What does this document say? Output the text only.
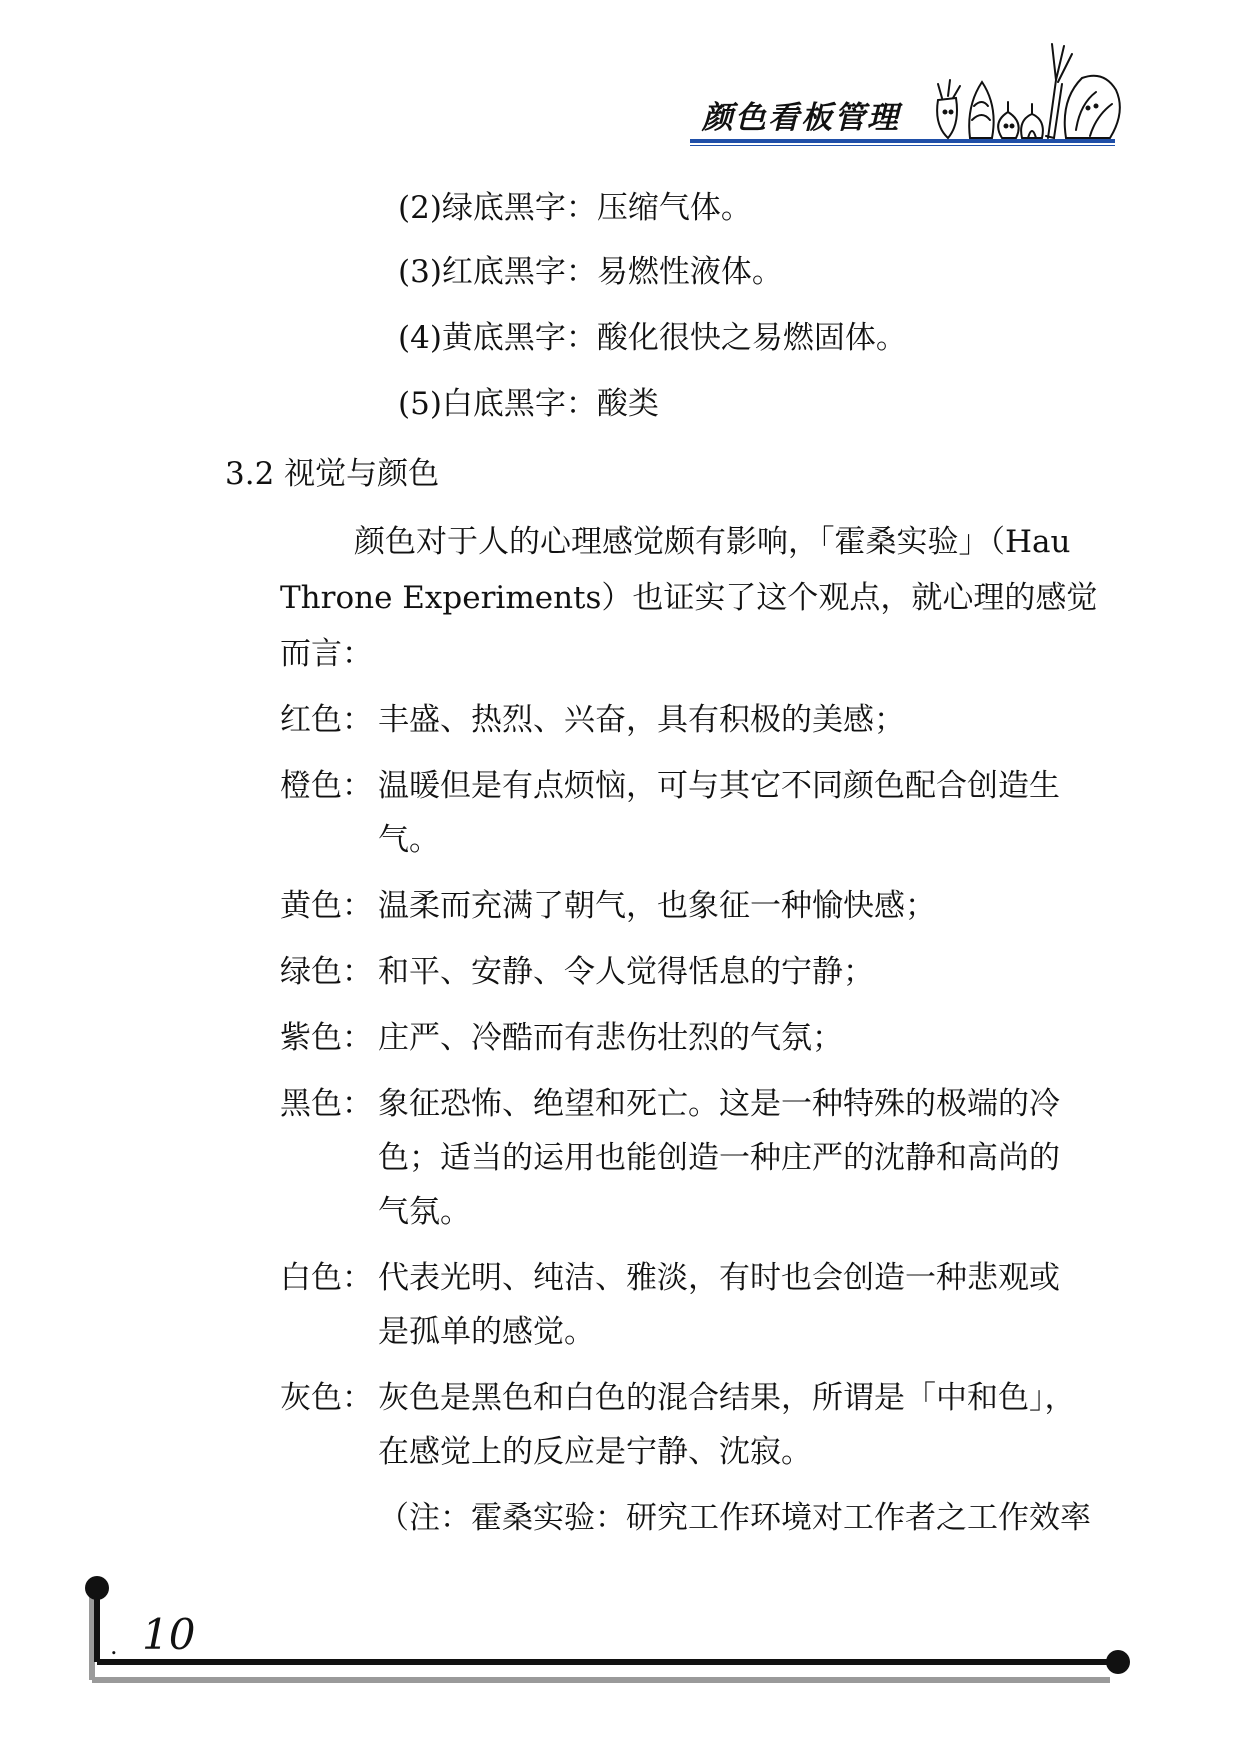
颜色看板管理
(2)绿底黑字：压缩气体。
(3)红底黑字：易燃性液体。
(4)黄底黑字：酸化很快之易燃固体。
(5)白底黑字：酸类
3.2 视觉与颜色
颜色对于人的心理感觉颇有影响，「霍桑实验」（Hau
Throne Experiments）也证实了这个观点，就心理的感觉
而言：
红色： 丰盛、热烈、兴奋，具有积极的美感；
橙色： 温暖但是有点烦恼，可与其它不同颜色配合创造生
气。
黄色： 温柔而充满了朝气，也象征一种愉快感；
绿色： 和平、安静、令人觉得恬息的宁静；
紫色： 庄严、冷酷而有悲伤壮烈的气氛；
黑色： 象征恐怖、绝望和死亡。这是一种特殊的极端的冷
色；适当的运用也能创造一种庄严的沈静和高尚的
气氛。
白色： 代表光明、纯洁、雅淡，有时也会创造一种悲观或
是孤单的感觉。
灰色： 灰色是黑色和白色的混合结果，所谓是「中和色」，
在感觉上的反应是宁静、沈寂。
（注：霍桑实验：研究工作环境对工作者之工作效率
. 10
